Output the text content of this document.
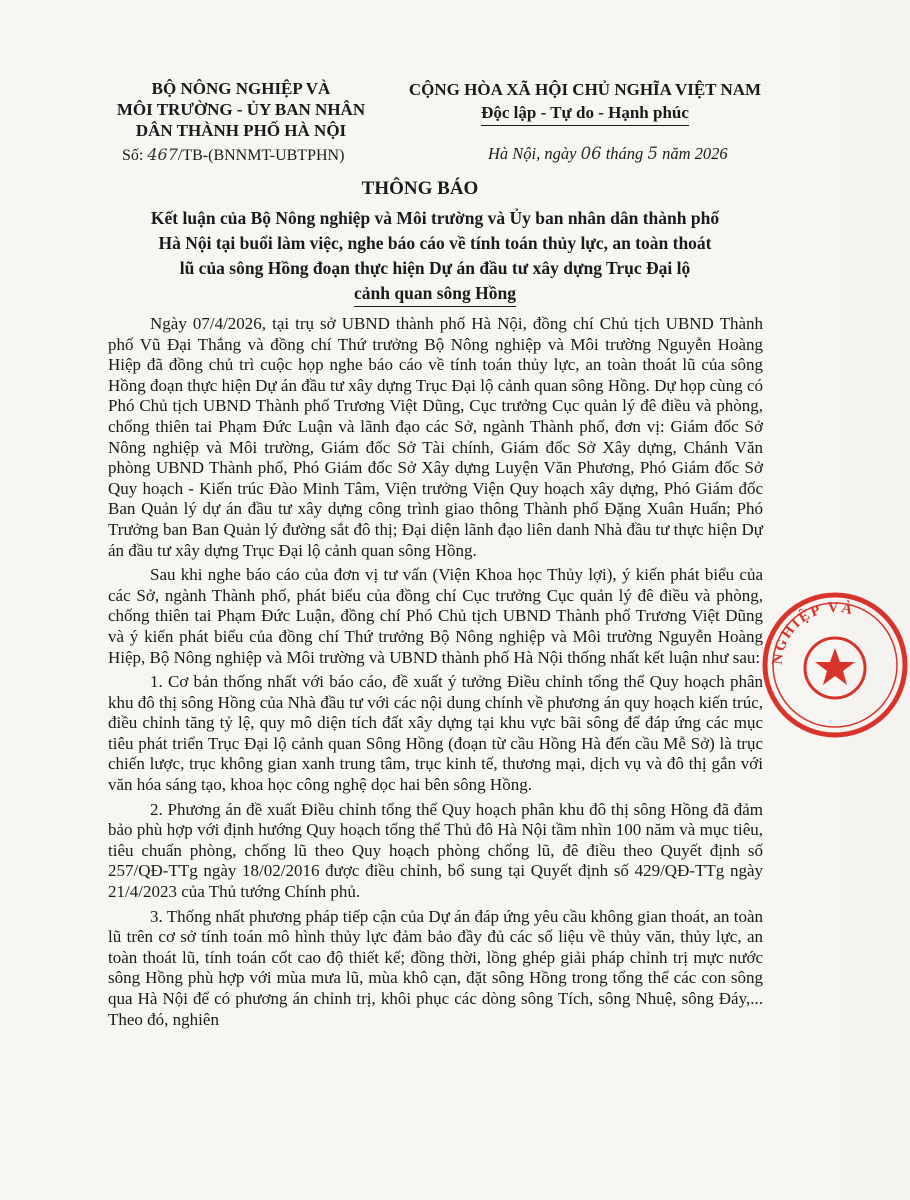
BỘ NÔNG NGHIỆP VÀ
MÔI TRƯỜNG - ỦY BAN NHÂN
DÂN THÀNH PHỐ HÀ NỘI
CỘNG HÒA XÃ HỘI CHỦ NGHĨA VIỆT NAM
Độc lập - Tự do - Hạnh phúc
Số: 467/TB-(BNNMT-UBTPHN)	Hà Nội, ngày 06 tháng 5 năm 2026
THÔNG BÁO
Kết luận của Bộ Nông nghiệp và Môi trường và Ủy ban nhân dân thành phố
Hà Nội tại buổi làm việc, nghe báo cáo về tính toán thủy lực, an toàn thoát
lũ của sông Hồng đoạn thực hiện Dự án đầu tư xây dựng Trục Đại lộ
cảnh quan sông Hồng

Ngày 07/4/2026, tại trụ sở UBND thành phố Hà Nội, đồng chí Chủ tịch UBND Thành phố Vũ Đại Thắng và đồng chí Thứ trưởng Bộ Nông nghiệp và Môi trường Nguyễn Hoàng Hiệp đã đồng chủ trì cuộc họp nghe báo cáo về tính toán thủy lực, an toàn thoát lũ của sông Hồng đoạn thực hiện Dự án đầu tư xây dựng Trục Đại lộ cảnh quan sông Hồng. Dự họp cùng có Phó Chủ tịch UBND Thành phố Trương Việt Dũng, Cục trưởng Cục quản lý đê điều và phòng, chống thiên tai Phạm Đức Luận và lãnh đạo các Sở, ngành Thành phố, đơn vị: Giám đốc Sở Nông nghiệp và Môi trường, Giám đốc Sở Tài chính, Giám đốc Sở Xây dựng, Chánh Văn phòng UBND Thành phố, Phó Giám đốc Sở Xây dựng Luyện Văn Phương, Phó Giám đốc Sở Quy hoạch - Kiến trúc Đào Minh Tâm, Viện trưởng Viện Quy hoạch xây dựng, Phó Giám đốc Ban Quản lý dự án đầu tư xây dựng công trình giao thông Thành phố Đặng Xuân Huấn; Phó Trưởng ban Ban Quản lý đường sắt đô thị; Đại diện lãnh đạo liên danh Nhà đầu tư thực hiện Dự án đầu tư xây dựng Trục Đại lộ cảnh quan sông Hồng.

Sau khi nghe báo cáo của đơn vị tư vấn (Viện Khoa học Thủy lợi), ý kiến phát biểu của các Sở, ngành Thành phố, phát biểu của đồng chí Cục trưởng Cục quản lý đê điều và phòng, chống thiên tai Phạm Đức Luận, đồng chí Phó Chủ tịch UBND Thành phố Trương Việt Dũng và ý kiến phát biểu của đồng chí Thứ trưởng Bộ Nông nghiệp và Môi trường Nguyễn Hoàng Hiệp, Bộ Nông nghiệp và Môi trường và UBND thành phố Hà Nội thống nhất kết luận như sau:

1. Cơ bản thống nhất với báo cáo, đề xuất ý tưởng Điều chỉnh tổng thể Quy hoạch phân khu đô thị sông Hồng của Nhà đầu tư với các nội dung chính về phương án quy hoạch kiến trúc, điều chỉnh tăng tỷ lệ, quy mô diện tích đất xây dựng tại khu vực bãi sông để đáp ứng các mục tiêu phát triển Trục Đại lộ cảnh quan Sông Hồng (đoạn từ cầu Hồng Hà đến cầu Mễ Sở) là trục chiến lược, trục không gian xanh trung tâm, trục kinh tế, thương mại, dịch vụ và đô thị gắn với văn hóa sáng tạo, khoa học công nghệ dọc hai bên sông Hồng.

2. Phương án đề xuất Điều chỉnh tổng thể Quy hoạch phân khu đô thị sông Hồng đã đảm bảo phù hợp với định hướng Quy hoạch tổng thể Thủ đô Hà Nội tầm nhìn 100 năm và mục tiêu, tiêu chuẩn phòng, chống lũ theo Quy hoạch phòng chống lũ, đê điều theo Quyết định số 257/QĐ-TTg ngày 18/02/2016 được điều chỉnh, bổ sung tại Quyết định số 429/QĐ-TTg ngày 21/4/2023 của Thủ tướng Chính phủ.

3. Thống nhất phương pháp tiếp cận của Dự án đáp ứng yêu cầu không gian thoát, an toàn lũ trên cơ sở tính toán mô hình thủy lực đảm bảo đầy đủ các số liệu về thủy văn, thủy lực, an toàn thoát lũ, tính toán cốt cao độ thiết kế; đồng thời, lồng ghép giải pháp chỉnh trị mực nước sông Hồng phù hợp với mùa mưa lũ, mùa khô cạn, đặt sông Hồng trong tổng thể các con sông qua Hà Nội để có phương án chỉnh trị, khôi phục các dòng sông Tích, sông Nhuệ, sông Đáy,... Theo đó, nghiên

NGHIỆP VÀ
